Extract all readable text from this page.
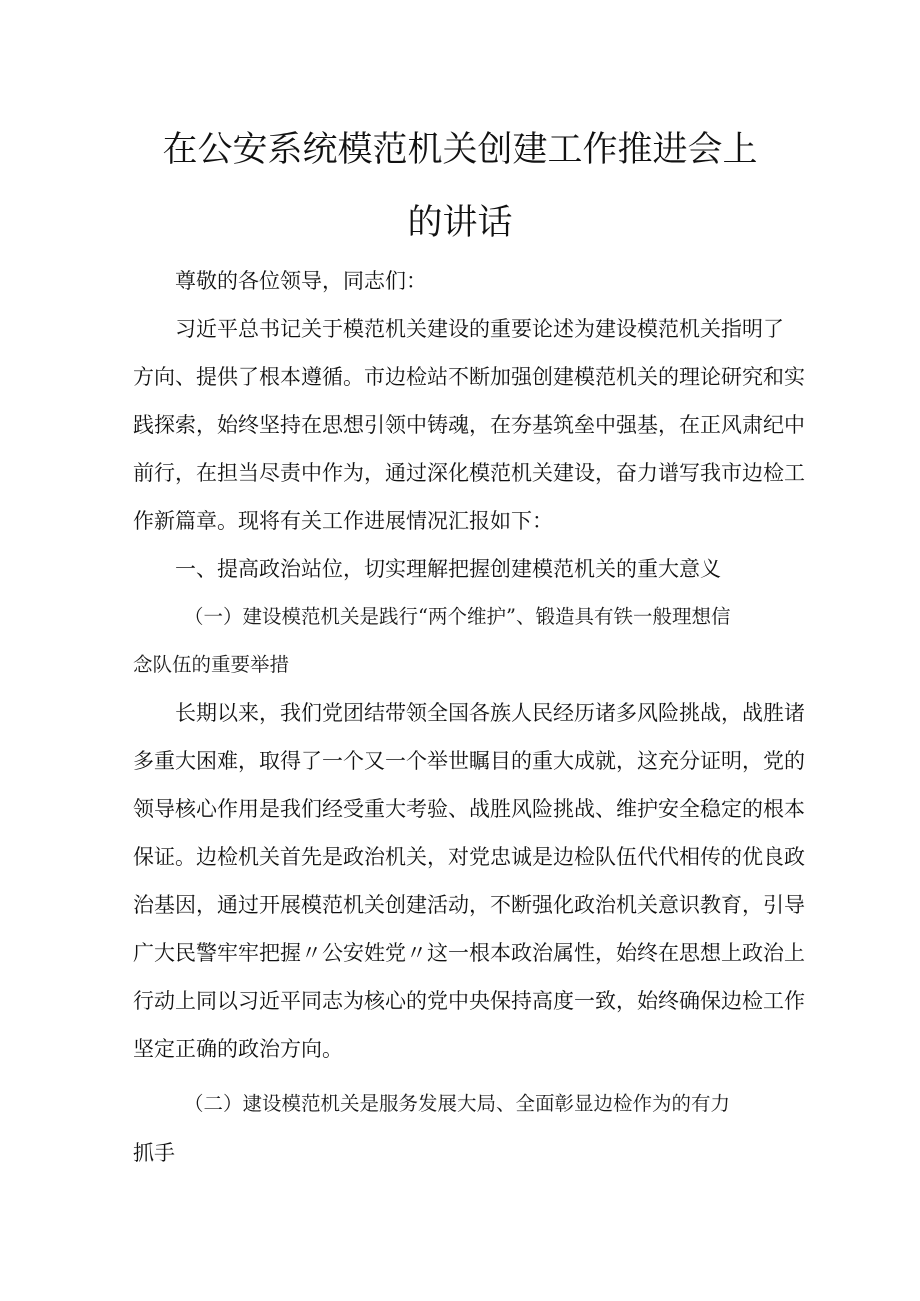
在公安系统模范机关创建工作推进会上
的讲话
尊敬的各位领导，同志们：
习近平总书记关于模范机关建设的重要论述为建设模范机关指明了
方向、提供了根本遵循。市边检站不断加强创建模范机关的理论研究和实
践探索，始终坚持在思想引领中铸魂，在夯基筑垒中强基，在正风肃纪中
前行，在担当尽责中作为，通过深化模范机关建设，奋力谱写我市边检工
作新篇章。现将有关工作进展情况汇报如下：
一、提高政治站位，切实理解把握创建模范机关的重大意义
（一）建设模范机关是践行“两个维护”、锻造具有铁一般理想信
念队伍的重要举措
长期以来，我们党团结带领全国各族人民经历诸多风险挑战，战胜诸
多重大困难，取得了一个又一个举世瞩目的重大成就，这充分证明，党的
领导核心作用是我们经受重大考验、战胜风险挑战、维护安全稳定的根本
保证。边检机关首先是政治机关，对党忠诚是边检队伍代代相传的优良政
治基因，通过开展模范机关创建活动，不断强化政治机关意识教育，引导
广大民警牢牢把握〃公安姓党〃这一根本政治属性，始终在思想上政治上
行动上同以习近平同志为核心的党中央保持高度一致，始终确保边检工作
坚定正确的政治方向。
（二）逮设模范机关是服务发展大局、全面彰显边检作为的有力
抓手
